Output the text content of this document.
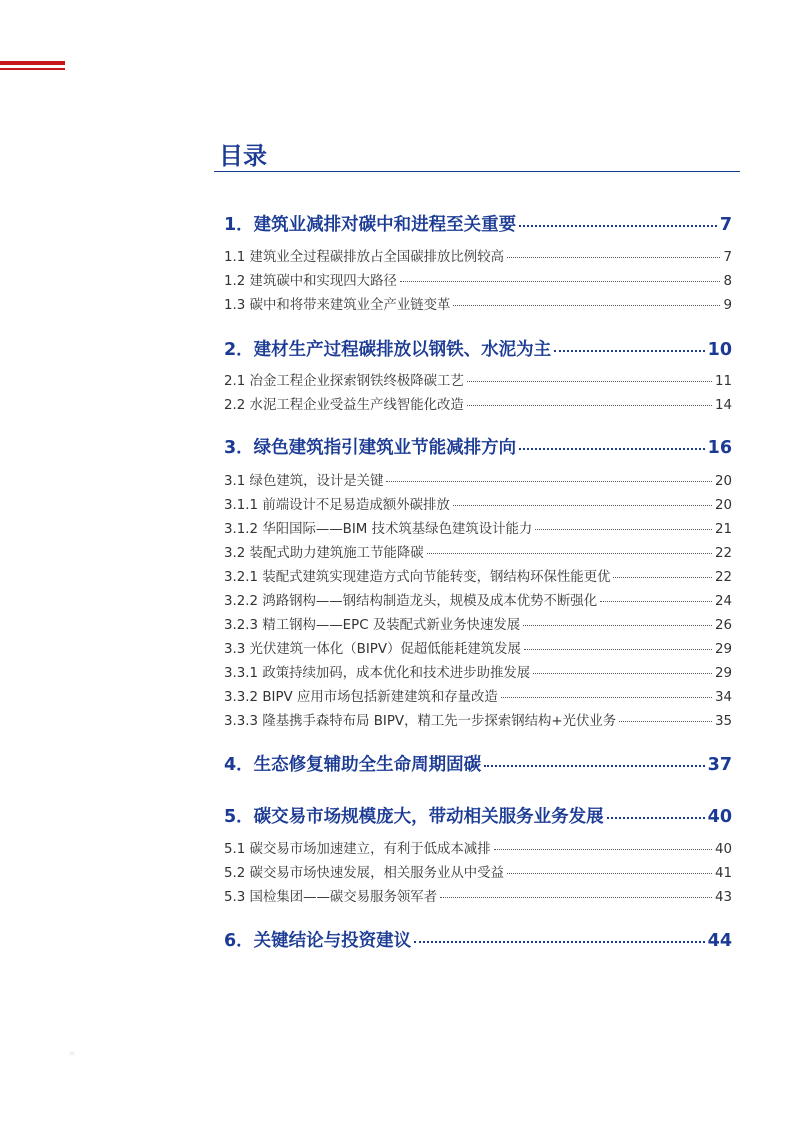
目录
1．建筑业减排对碳中和进程至关重要	7
1.1 建筑业全过程碳排放占全国碳排放比例较高	7
1.2 建筑碳中和实现四大路径	8
1.3 碳中和将带来建筑业全产业链变革	9
2．建材生产过程碳排放以钢铁、水泥为主	10
2.1 冶金工程企业探索钢铁终极降碳工艺	11
2.2 水泥工程企业受益生产线智能化改造	14
3．绿色建筑指引建筑业节能减排方向	16
3.1 绿色建筑，设计是关键	20
3.1.1 前端设计不足易造成额外碳排放	20
3.1.2 华阳国际——BIM 技术筑基绿色建筑设计能力	21
3.2 装配式助力建筑施工节能降碳	22
3.2.1 装配式建筑实现建造方式向节能转变，钢结构环保性能更优	22
3.2.2 鸿路钢构——钢结构制造龙头，规模及成本优势不断强化	24
3.2.3 精工钢构——EPC 及装配式新业务快速发展	26
3.3 光伏建筑一体化（BIPV）促超低能耗建筑发展	29
3.3.1 政策持续加码，成本优化和技术进步助推发展	29
3.3.2 BIPV 应用市场包括新建建筑和存量改造	34
3.3.3 隆基携手森特布局 BIPV，精工先一步探索钢结构+光伏业务	35
4．生态修复辅助全生命周期固碳	37
5．碳交易市场规模庞大，带动相关服务业务发展	40
5.1 碳交易市场加速建立，有利于低成本减排	40
5.2 碳交易市场快速发展，相关服务业从中受益	41
5.3 国检集团——碳交易服务领军者	43
6．关键结论与投资建议	44
▫
